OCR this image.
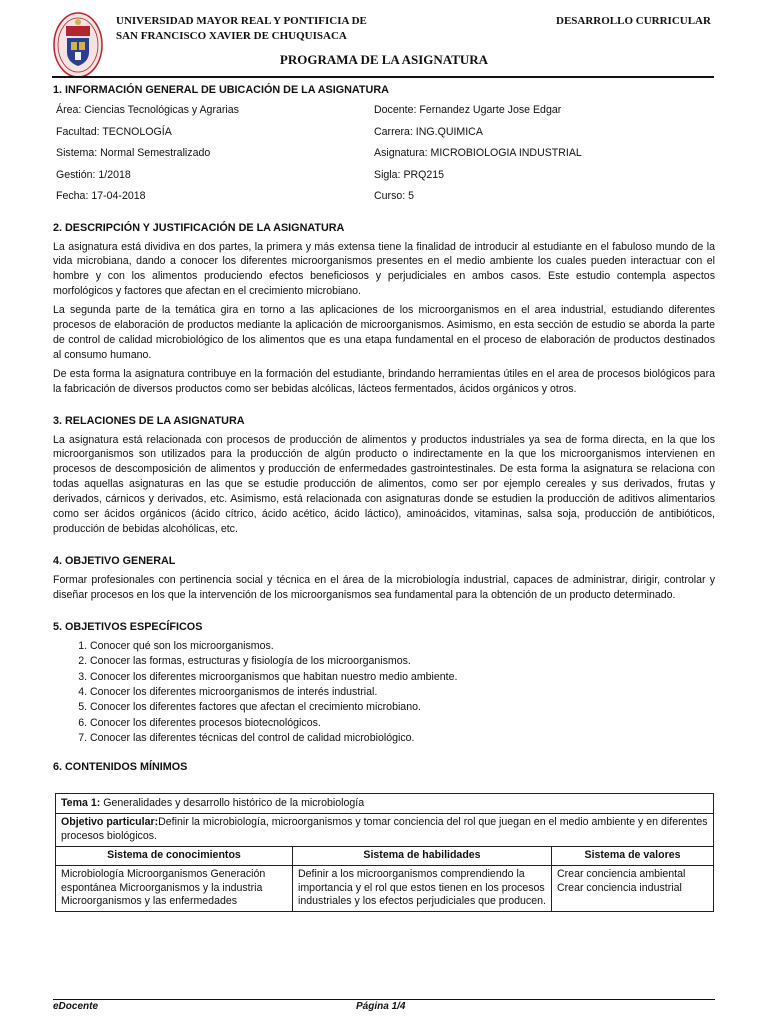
UNIVERSIDAD MAYOR REAL Y PONTIFICIA DE
SAN FRANCISCO XAVIER DE CHUQUISACA
DESARROLLO CURRICULAR
PROGRAMA DE LA ASIGNATURA
1. INFORMACIÓN GENERAL DE UBICACIÓN DE LA ASIGNATURA
Área: Ciencias Tecnológicas y Agrarias	Docente: Fernandez Ugarte Jose Edgar
Facultad: TECNOLOGÍA	Carrera: ING.QUIMICA
Sistema: Normal Semestralizado	Asignatura: MICROBIOLOGIA INDUSTRIAL
Gestión: 1/2018	Sigla: PRQ215
Fecha: 17-04-2018	Curso: 5
2. DESCRIPCIÓN Y JUSTIFICACIÓN DE LA ASIGNATURA

La asignatura está dividiva en dos partes, la primera y más extensa tiene la finalidad de introducir al estudiante en el fabuloso mundo de la vida microbiana, dando a conocer los diferentes microorganismos presentes en el medio ambiente los cuales pueden interactuar con el hombre y con los alimentos produciendo efectos beneficiosos y perjudiciales en ambos casos. Este estudio contempla aspectos morfológicos y factores que afectan en el crecimiento microbiano.

La segunda parte de la temática gira en torno a las aplicaciones de los microorganismos en el area industrial, estudiando diferentes procesos de elaboración de productos mediante la aplicación de microorganismos. Asimismo, en esta sección de estudio se aborda la parte de control de calidad microbiológico de los alimentos que es una etapa fundamental en el proceso de elaboración de productos destinados al consumo humano.

De esta forma la asignatura contribuye en la formación del estudiante, brindando herramientas útiles en el area de procesos biológicos para la fabricación de diversos productos como ser bebidas alcólicas, lácteos fermentados, ácidos orgánicos y otros.

3. RELACIONES DE LA ASIGNATURA

La asignatura está relacionada con procesos de producción de alimentos y productos industriales ya sea de forma directa, en la que los microorganismos son utilizados para la producción de algún producto o indirectamente en la que los microorganismos intervienen en procesos de descomposición de alimentos y producción de enfermedades gastrointestinales. De esta forma la asignatura se relaciona con todas aquellas asignaturas en las que se estudie producción de alimentos, como ser por ejemplo cereales y sus derivados, frutas y derivados, cárnicos y derivados, etc. Asimismo, está relacionada con asignaturas donde se estudien la producción de aditivos alimentarios como ser ácidos orgánicos (ácido cítrico, ácido acético, ácido láctico), aminoácidos, vitaminas, salsa soja, producción de antibióticos, producción de bebidas alcohólicas, etc.

4. OBJETIVO GENERAL

Formar profesionales con pertinencia social y técnica en el área de la microbiología industrial, capaces de administrar, dirigir, controlar y diseñar procesos en los que la intervención de los microorganismos sea fundamental para la obtención de un producto determinado.

5. OBJETIVOS ESPECÍFICOS
1. Conocer qué son los microorganismos.
2. Conocer las formas, estructuras y fisiología de los microorganismos.
3. Conocer los diferentes microorganismos que habitan nuestro medio ambiente.
4. Conocer los diferentes microorganismos de interés industrial.
5. Conocer los diferentes factores que afectan el crecimiento microbiano.
6. Conocer los diferentes procesos biotecnológicos.
7. Conocer las diferentes técnicas del control de calidad microbiológico.
6. CONTENIDOS MÍNIMOS
Tema 1: Generalidades y desarrollo histórico de la microbiología		
Objetivo particular:Definir la microbiología, microorganismos y tomar conciencia del rol que juegan en el medio ambiente y en diferentes procesos biológicos.		
Sistema de conocimientos	Sistema de habilidades	Sistema de valores
Microbiología Microorganismos Generación espontánea Microorganismos y la industria Microorganismos y las enfermedades	Definir a los microorganismos comprendiendo la importancia y el rol que estos tienen en los procesos industriales y los efectos perjudiciales que producen.	Crear conciencia ambiental
Crear conciencia industrial
eDocente	Página 1/4
